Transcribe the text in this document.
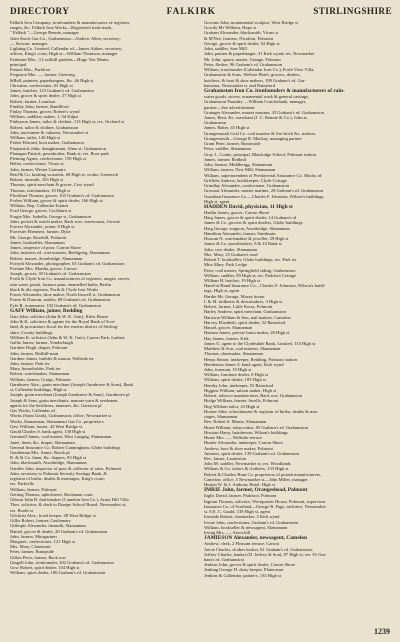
DIRECTORY	FALKIRK	STIRLINGSHIRE
Falkirk Iron Company, ironfounders & manufacturers of registers,
ranges, &c. Falkirk Iron Works—Registered trade mark,
" Falkirk "—George Rennie, manager
Joint Stock Gas Co., Grahamston—Andrew Allen, secretary;
— Stewart, manager
Lighting Co. Limited, Callendar rd—James Aitken, secretary;
offices, King's court, High st—William Thomson, manager
Fairbairn Mrs., 3 Lochhill gardens—Hugo Von Monts,
principal
Fenton Mrs., Parkfoot
Ferguson Mrs. —, farmer, Greenrig
&Bell, painters, paperhangers, &c. 46 High st
Christina, confectioner, 63 High st
James, butcher, 123 Graham's rd. Grahamston
John, grocer & spirit dealer, 57 High st
Robert, farmer, Loanfoot
Findlay John, farmer, Randlford
Finlay Thomas, grocer, Robert's wynd
William, saddlery maker, 1, 5d Kilpst
Finlayson James, tailor & clothier, 113 High st; res. Orchard st
Robert, tailor & clothier, Grahamston
John, auctioneer & valuator, Newmarket st
William, tailor, 146 High st
Fisher Edward, boot maker, Grahamston
Fitzpatrick John, draughtsman, Alma st. Grahamston
Flanagan Patrick, pawnbroker, Bank st; res. Rose park
Fleming Agnes, confectioner, 158 High st
Helen, confectioner, Vicars st
John, farmer, Wester Carmuirs
Reid & Co. knitting worsteds, 68 High st; works, Greenock
Robert, tinsmith, 103 High st
Thomas, spirit merchant & grocer, Cow wynd
Thomas, watchmaker, 10 High st
Flockhart Thomas, grocer, 105 Graham's rd. Grahamston
Forbes William, grocer & spirit dealer, 166 High st
William, Rep, Callendar Estates
Ford George, grocer, Cockburn st
Forgie Mrs. Isabella, George st, Grahamston
John, pocket & watch maker, Back row; warerooms, Gowrie
Forrest Alexander, joiner, 8 High st
Forrester Ebenezer, farmer, Dyke
Mr. George, Rosehill, Polmont
James, bookseller, Slamannan
James, inspector of poor, Carron Shore
John, mistress ed. coal masters, Reeligrieg, Slamannan
Robert, mason, Avonbridge, Slamannan
Forsyth Alexander, photographer, 65 Graham's rd. Grahamston
Fortune Mrs. Martha, grocer, Carron
Joseph, grocer, 39 Graham's rd. Grahamston
Forth & Clyde Iron Co. manufacturers of registers, ranges, stoves,
rain water goods, furnace pans, enamelled baths, Berlin
black & tile registers, Forth & Clyde Iron Works
Fraser Alexander, shoe maker, North Inswell st. Grahamston
Fraser & Duncan, smiths, 69 Graham's rd. Grahamston
Fyfe R. ironmaster, 102 Graham's rd. Grahamston
GAFF William, joiner, Redding
Gair John, solicitor (John & W. K. Gair), Kilns House
John & K. solicitors & agents for the Royal Bank of Scot-
land, & procurators fiscal for the eastern district of Stirling-
shire, County buildings
William K. solicitor (John & W. K. Gair), Carron Park, Larbert
Gallie James, farmer, Yonderlaugh
Gardner Hugh, draper, Polmont
John, farmer, Redhill-muir
Gardner James, builder & mason, Wellside ter
John, farmer, Park ter
Mary, householder, Park ter
Robert, watchmaker, Slamannan
William, farmer, Craigs, Polmont
Garnbrave Alex., grain merchant (Joseph Garnbrave & Sons), Bank
st, Callendar buildings, High st
Joseph, grain merchant (Joseph Garnbrave & Sons), Garnbrave pl
Joseph & Sons, grain merchants, manure-yarn & seedsmen,
agents for the fertilizers, manures, &c. Garrison pl
Gas Works, Callendar rd
Works (Saint Goak), Grahamston; office, Newmarket st
Works, Slamannan, Slamannan Gas Co. proprietors
Gaw William, hosier, 42 West Bridge st
Gauld Charles S. bank agent, 138 High st
Gemmell James, coal master, West Langrig, Slamannan
Janet, linen, &c. draper, Slamannan
General Insurance Co. Robert Cunningham, Globe buildings
Gentleman Mrs. Annie, Booth pl
R. & & Co. linen, &c. drapers, 83 High st
John, blacksmith, Avonbridge, Slamannan
Gentles John, inspector of poor & collector of rates, Polmont
John, secretary to Polmont Security Savings Bank, &
registrar of births, deaths & marriages, King's court;
res. Parkville
William, farmer, Polmont
Getting Thomas, upholsterer, Buchanan court
Gibson John B. draftsmaker (Camelon Iron Co.), Arnot Hill Villa
Thos. solicitor, & clerk to Dunipe School Board, Newmarket st;
res. Booth st
Gilchrist Alex., hotel keeper, 48 West Bridge st
Gillie Robert, farmer, Castlemary
Gillespie Alexander, tinsmith, Slamannan
Daniel, grocer & dealer, 20 Graham's rd. Grahamston
John, farmer, Muirgartner
Margaret, confectioner, 121 High st
Mrs. Mary, Claremont
Peter, farmer, Rumpside
Gillon Peter, farmer, Back row
Gingell John, ironfounder, 202 Graham's rd. Grahamston
Gow Robert, spirit dealer, 104 High st
William, spirit dealer, 186 Graham's rd. Grahamston
Gowans John, monumental sculptor, West Bridge st
Gowdy Mr William, Hope st
Graham Alexander, blacksmith, Vicars st
& M'Nee, farmers, Nicolton, Polmont
George, grocer & spirit dealer, 92 High st
John, saddler, Saw Mill
John, painter & paperhanger, 31 Kirk wynd; res. Newmarket
Mr. John, quarry master, Grange, Polmont
Peter, flesher, 96 Graham's rd. Grahamston
William, ironfounder (Callendar Iron Co.), Forth View Villa,
Grahamston & Sons, Welfare Hotel; grocers, dealers,
butchers, & boot & shoe makers, 199 Graham's rd. Gra-
hamston, Newmarket st. and Bainsford
Grahamston Iron Co. ironfounders & manufacturers of rain-
water goods, stoves, ornamental work & general castings,
Grahamston Foundry —William Cruickshank, manager,
partner—See advertisement
Grainger Alexander, master mariner, 35 Graham's rd. Grahamston
James, Rent. &c. merchant (J. C. Rennie & Co.), John st.
Grahamston
James, Baker, 45 High st
Grangemouth Coal Co. coal masters & fire-brick &c. makers,
Grangemouth—George R. Mackay, managing partner
Grant Peter, farmer, Bonnyside
Peter, saddler, Slamannan
Gray J., Cooke, principal, Blairlodge School, Polmont station
James, farmer, Redbird
John, farmer, Middlerigg, Slamannan
William, farmer, New Mill, Slamannan
William, superintendent of Presbyterial Assurance Co. Mocks rd
Griffiths Andrew, brickkeeper, Clyde Cottage
Grindlay Alexander, confectioner, Grahamston
Grossart Alexander, master mariner, 28 Graham's rd. Grahamston
Guardian Insurance Co.—Charles F. Johnston, Wilson's buildings,
High st. agent
HADDEN David, physician, 11 High st
Hadfar James, grocer, Carron Shore
Haig James, grocer & spirit dealer, 14 Graham's rd
James & Co. grocers & spirit dealers, Globe buildings
Haig George, surgeon, Avonbridge, Slamannan
Hamilton Alexander, farmer, Smithsain
Duncan N. watchmaker & jeweller, 29 High st
James & Co. pawnbrokers, 8 & 10 Bank st
John, cow dealer, Slamannan
Mrs. Mary, 25 Graham's road
Robert T. bookseller, Globe buildings; res. Park ter
Miss Mary, Park Lodge
Peter, coal master, Springfield siding, Grahamston
William, saddler, 89 High st; res. Parkfoot Cottage
William H. butcher, 19 High st
Hand-in-Hand Insurance Co—Charles F. Johnston, Wilson's build-
ings, High st, agent
Hardie Mr. George, Moray house
I. & M. milliners & dressmakers, 3 High st
Robert, farmer, Little Korra, Polmont
Harley Andrew, spirit merchant, Grahamston
Harrison William & Son, nail makers, Camelon
Harvey Elizabeth, spirit dealer, 32 Bainsford
Hassel, grocer, Slamannan
Hastam James, precise brass maker, 26 High st
Hay James, farmer, Kirk
James G. agent to the Clydesdale Bank, Limited, 133 High st
Matthew & Son, coal masters, Slamannan
Thomas, shoemaker, Slamannan
Heeps Simon, innkeeper, Redding, Polmont station
Henderson James S. bank agent, Kirk wynd
John, foreman, 19 High st
William, furniture dealer, 8 High st
William, spirit dealer, 183 High st
Hendry John, innkeeper, 55 Bainsford
Higgins William, saloon maker, High st
Robert, tobacco manufacturer, Back row, Grahamston
Hodge William, farmer, Awells, Polmont
Hog William tailor, 43 High st
Horner John, schoolmaster & registrar of births, deaths & mar-
riages, Slamannan
Rev. Robert S. Manse, Slamannan
Hosie William, tobacconist, 85 Graham's rd. Grahamston
Hossian Harry, hairdresser, Wilson's buildings
Hume Mrs. —, Wellside terrace
Hunter Alexander, innkeeper, Carron Shore
Andrew, boot & shoe maker, Polmont
Antonia, spirit dealer, 139 Graham's rd. Grahamston
Rev. James, Laurieston
John M. saddler, Newmarket st; res. Woodlands
William & Co. tailors & clothiers, 133 High st
Robert & Charles Hunt Co. proprietors of potash manufacturers,
Camelon; office, 5 Newmarket st—John Miller, manager
Hutton W. & J. Anthony Hotel, High st
IMRIE John, farmer, Orangeshead, Polmont
Inglis David, farmer, Parkfoot, Polmont
Ingram Thomas, solicitor, Westquarter House, Polmont, supervisor
Insurance Co. of Scotland—George R. Page, architect, Newmarket
st. S.E. C. Gauld, 138 High st, agent
Ironside Robert, shoemaker, 3 Kirk wynd
Irvine John, confectioner, Graham's rd. Grahamston
William, bookseller & newsagent, Slamannan
Irving Mrs. —, Arnot hill
JAMIESON Alexander, newsagent, Camelon
Andrew, clerk, 2 Pleasant terrace, Carron
Jarvie Charles, clothes broker, 61 Graham's rd. Grahamston
Jeffrey Charles, banker (D. Jeffrey & Son), 87 High st; res. 81 Gra-
ham's rd. Grahamston
Jenkins John, grocer & spirit dealer, Carron Shore
Jenking George H. dairy keeper, Plaincause
Jenkins & Callendar, painters, 135 High st
1239
